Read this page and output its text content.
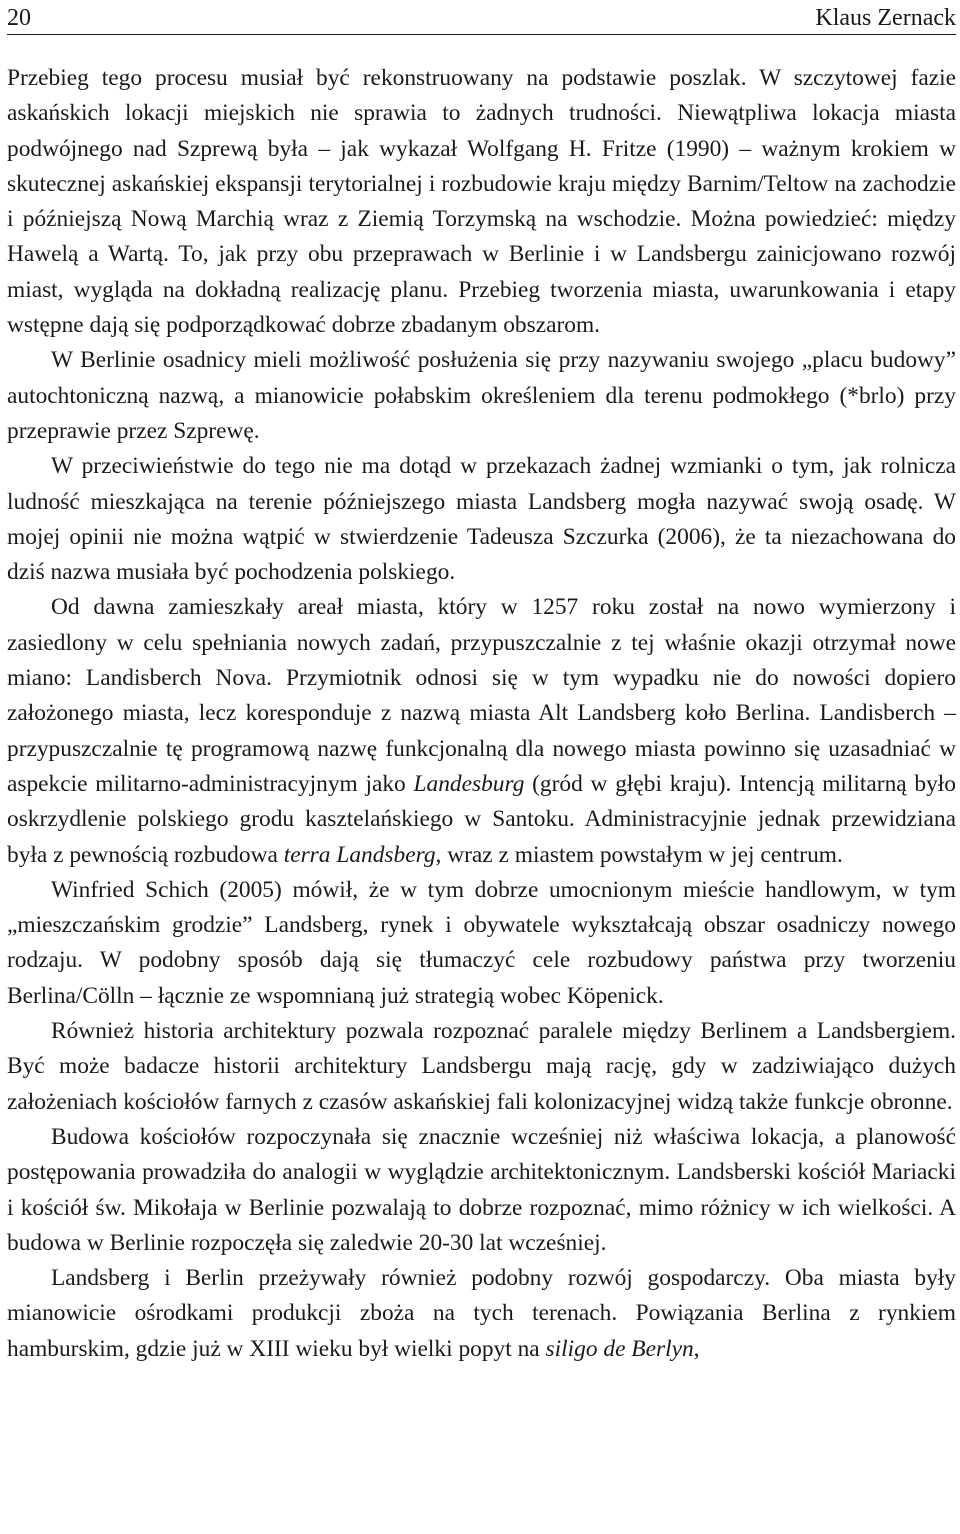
20	Klaus Zernack

Przebieg tego procesu musiał być rekonstruowany na podstawie poszlak. W szczytowej fazie askańskich lokacji miejskich nie sprawia to żadnych trudności. Niewątpliwa lokacja miasta podwójnego nad Szprewą była – jak wykazał Wolfgang H. Fritze (1990) – ważnym krokiem w skutecznej askańskiej ekspansji terytorialnej i rozbudowie kraju między Barnim/Teltow na zachodzie i późniejszą Nową Marchią wraz z Ziemią Torzymską na wschodzie. Można powiedzieć: między Hawelą a Wartą. To, jak przy obu przeprawach w Berlinie i w Landsbergu zainicjowano rozwój miast, wygląda na dokładną realizację planu. Przebieg tworzenia miasta, uwarunkowania i etapy wstępne dają się podporządkować dobrze zbadanym obszarom.

W Berlinie osadnicy mieli możliwość posłużenia się przy nazywaniu swojego „placu budowy” autochtoniczną nazwą, a mianowicie połabskim określeniem dla terenu podmokłego (*brlo) przy przeprawie przez Szprewę.

W przeciwieństwie do tego nie ma dotąd w przekazach żadnej wzmianki o tym, jak rolnicza ludność mieszkająca na terenie późniejszego miasta Landsberg mogła nazywać swoją osadę. W mojej opinii nie można wątpić w stwierdzenie Tadeusza Szczurka (2006), że ta niezachowana do dziś nazwa musiała być pochodzenia polskiego.

Od dawna zamieszkały areał miasta, który w 1257 roku został na nowo wymierzony i zasiedlony w celu spełniania nowych zadań, przypuszczalnie z tej właśnie okazji otrzymał nowe miano: Landisberch Nova. Przymiotnik odnosi się w tym wypadku nie do nowości dopiero założonego miasta, lecz koresponduje z nazwą miasta Alt Landsberg koło Berlina. Landisberch – przypuszczalnie tę programową nazwę funkcjonalną dla nowego miasta powinno się uzasadniać w aspekcie militarno-administracyjnym jako Landesburg (gród w głębi kraju). Intencją militarną było oskrzydlenie polskiego grodu kasztelańskiego w Santoku. Administracyjnie jednak przewidziana była z pewnością rozbudowa terra Landsberg, wraz z miastem powstałym w jej centrum.

Winfried Schich (2005) mówił, że w tym dobrze umocnionym mieście handlowym, w tym „mieszczańskim grodzie” Landsberg, rynek i obywatele wykształcają obszar osadniczy nowego rodzaju. W podobny sposób dają się tłumaczyć cele rozbudowy państwa przy tworzeniu Berlina/Cölln – łącznie ze wspomnianą już strategią wobec Köpenick.

Również historia architektury pozwala rozpoznać paralele między Berlinem a Landsbergiem. Być może badacze historii architektury Landsbergu mają rację, gdy w zadziwiająco dużych założeniach kościołów farnych z czasów askańskiej fali kolonizacyjnej widzą także funkcje obronne.

Budowa kościołów rozpoczynała się znacznie wcześniej niż właściwa lokacja, a planowość postępowania prowadziła do analogii w wyglądzie architektonicznym. Landsberski kościół Mariacki i kościół św. Mikołaja w Berlinie pozwalają to dobrze rozpoznać, mimo różnicy w ich wielkości. A budowa w Berlinie rozpoczęła się zaledwie 20-30 lat wcześniej.

Landsberg i Berlin przeżywały również podobny rozwój gospodarczy. Oba miasta były mianowicie ośrodkami produkcji zboża na tych terenach. Powiązania Berlina z rynkiem hamburskim, gdzie już w XIII wieku był wielki popyt na siligo de Berlyn,
